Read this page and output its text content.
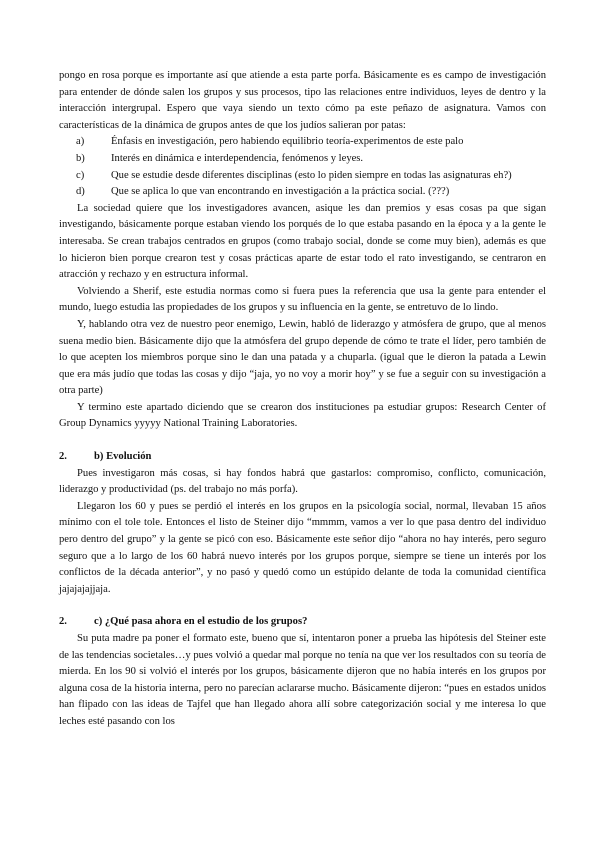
pongo en rosa porque es importante así que atiende a esta parte porfa. Básicamente es es campo de investigación para entender de dónde salen los grupos y sus procesos, tipo las relaciones entre individuos, leyes de dentro y la interacción intergrupal. Espero que vaya siendo un texto cómo pa este peñazo de asignatura. Vamos con características de la dinámica de grupos antes de que los judíos salieran por patas:

a)	Énfasis en investigación, pero habiendo equilibrio teoría-experimentos de este palo
b)	Interés en dinámica e interdependencia, fenómenos y leyes.
c)	Que se estudie desde diferentes disciplinas (esto lo piden siempre en todas las asignaturas eh?)
d)	Que se aplica lo que van encontrando en investigación a la práctica social. (???)

La sociedad quiere que los investigadores avancen, asique les dan premios y esas cosas pa que sigan investigando, básicamente porque estaban viendo los porqués de lo que estaba pasando en la época y a la gente le interesaba. Se crean trabajos centrados en grupos (como trabajo social, donde se come muy bien), además es que lo hicieron bien porque crearon test y cosas prácticas aparte de estar todo el rato investigando, se centraron en atracción y rechazo y en estructura informal.

Volviendo a Sherif, este estudia normas como si fuera pues la referencia que usa la gente para entender el mundo, luego estudia las propiedades de los grupos y su influencia en la gente, se entretuvo de lo lindo.

Y, hablando otra vez de nuestro peor enemigo, Lewin, habló de liderazgo y atmósfera de grupo, que al menos suena medio bien. Básicamente dijo que la atmósfera del grupo depende de cómo te trate el líder, pero también de lo que acepten los miembros porque sino le dan una patada y a chuparla. (igual que le dieron la patada a Lewin que era más judío que todas las cosas y dijo “jaja, yo no voy a morir hoy” y se fue a seguir con su investigación a otra parte)

Y termino este apartado diciendo que se crearon dos instituciones pa estudiar grupos: Research Center of Group Dynamics yyyyy National Training Laboratories.

2.	b) Evolución

Pues investigaron más cosas, si hay fondos habrá que gastarlos: compromiso, conflicto, comunicación, liderazgo y productividad (ps. del trabajo no más porfa).

Llegaron los 60 y pues se perdió el interés en los grupos en la psicología social, normal, llevaban 15 años mínimo con el tole tole. Entonces el listo de Steiner dijo “mmmm, vamos a ver lo que pasa dentro del individuo pero dentro del grupo” y la gente se picó con eso. Básicamente este señor dijo “ahora no hay interés, pero seguro seguro que a lo largo de los 60 habrá nuevo interés por los grupos porque, siempre se tiene un interés por los conflictos de la década anterior”, y no pasó y quedó como un estúpido delante de toda la comunidad científica jajajajajjaja.

2.	c) ¿Qué pasa ahora en el estudio de los grupos?

Su puta madre pa poner el formato este, bueno que sí, intentaron poner a prueba las hipótesis del Steiner este de las tendencias societales…y pues volvió a quedar mal porque no tenía na que ver los resultados con su teoría de mierda. En los 90 si volvió el interés por los grupos, básicamente dijeron que no había interés en los grupos por alguna cosa de la historia interna, pero no parecían aclararse mucho. Básicamente dijeron: “pues en estados unidos han flipado con las ideas de Tajfel que han llegado ahora allí sobre categorización social y me interesa lo que leches esté pasando con los
